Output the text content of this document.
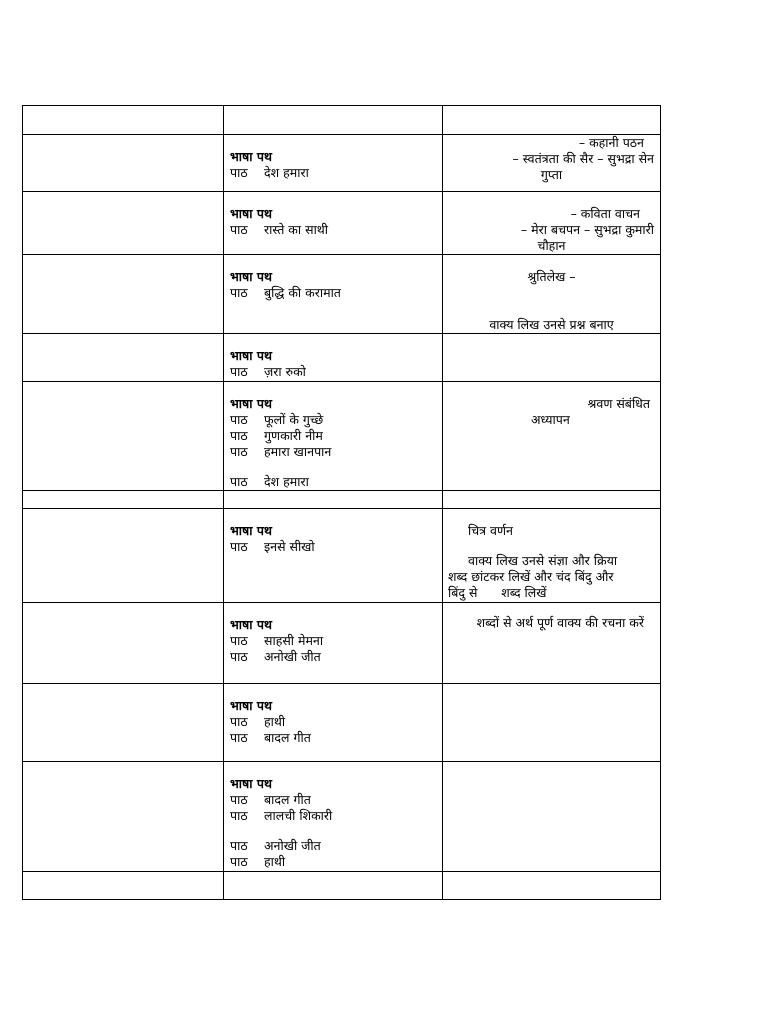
	भाषा पथ
पाठ देश हमारा	– कहानी पठन
– स्वतंत्रता की सैर – सुभद्रा सेन
गुप्ता

	भाषा पथ
पाठ रास्ते का साथी	– कविता वाचन
– मेरा बचपन – सुभद्रा कुमारी
चौहान

	भाषा पथ
पाठ बुद्धि की करामात	श्रुतिलेख –
वाक्य लिख उनसे प्रश्न बनाए

	भाषा पथ
पाठ ज़रा रुको	

	भाषा पथ
पाठ फूलों के गुच्छे
पाठ गुणकारी नीम
पाठ हमारा खानपान
पाठ देश हमारा	श्रवण संबंधित
अध्यापन

	भाषा पथ
पाठ इनसे सीखो	चित्र वर्णन
वाक्य लिख उनसे संज्ञा और क्रिया
शब्द छांटकर लिखें और चंद बिंदु और
बिंदु से      शब्द लिखें

	भाषा पथ
पाठ साहसी मेमना
पाठ अनोखी जीत	शब्दों से अर्थ पूर्ण वाक्य की रचना करें

	भाषा पथ
पाठ हाथी
पाठ बादल गीत	

	भाषा पथ
पाठ बादल गीत
पाठ लालची शिकारी
पाठ अनोखी जीत
पाठ हाथी	
